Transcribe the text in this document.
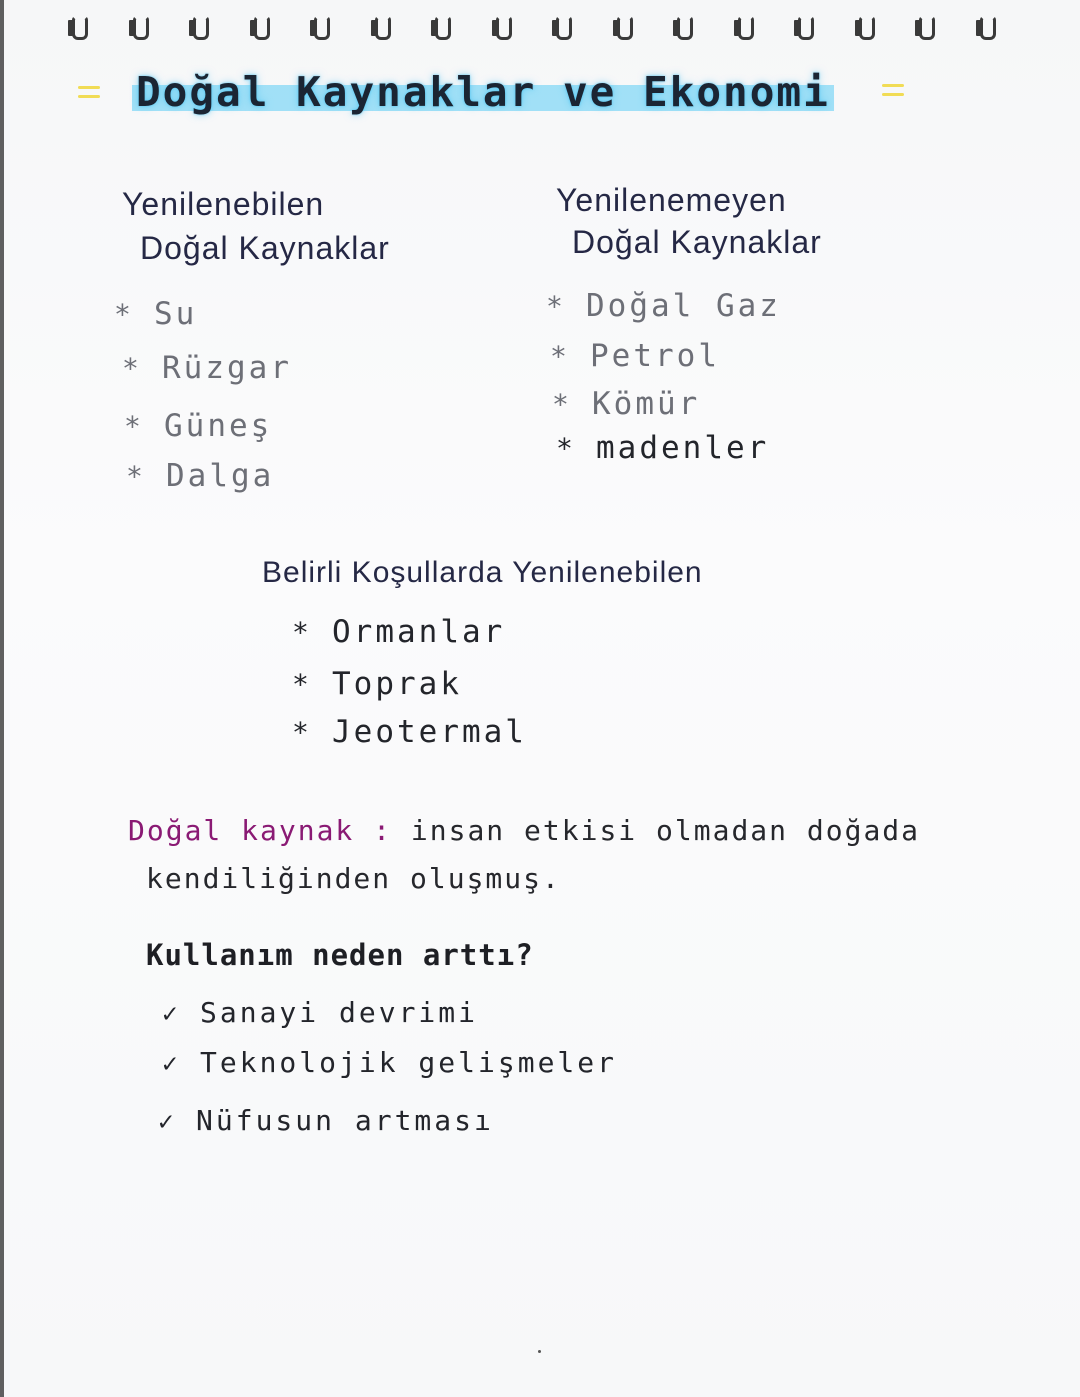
Doğal Kaynaklar ve Ekonomi
Yenilenebilen
Doğal Kaynaklar
* Su
* Rüzgar
* Güneş
* Dalga
Yenilenemeyen
Doğal Kaynaklar
* Doğal Gaz
* Petrol
* Kömür
* madenler
Belirli Koşullarda Yenilenebilen
* Ormanlar
* Toprak
* Jeotermal
Doğal kaynak : insan etkisi olmadan doğada
kendiliğinden oluşmuş.
Kullanım neden arttı?
✓ Sanayi devrimi
✓ Teknolojik gelişmeler
✓ Nüfusun artması
